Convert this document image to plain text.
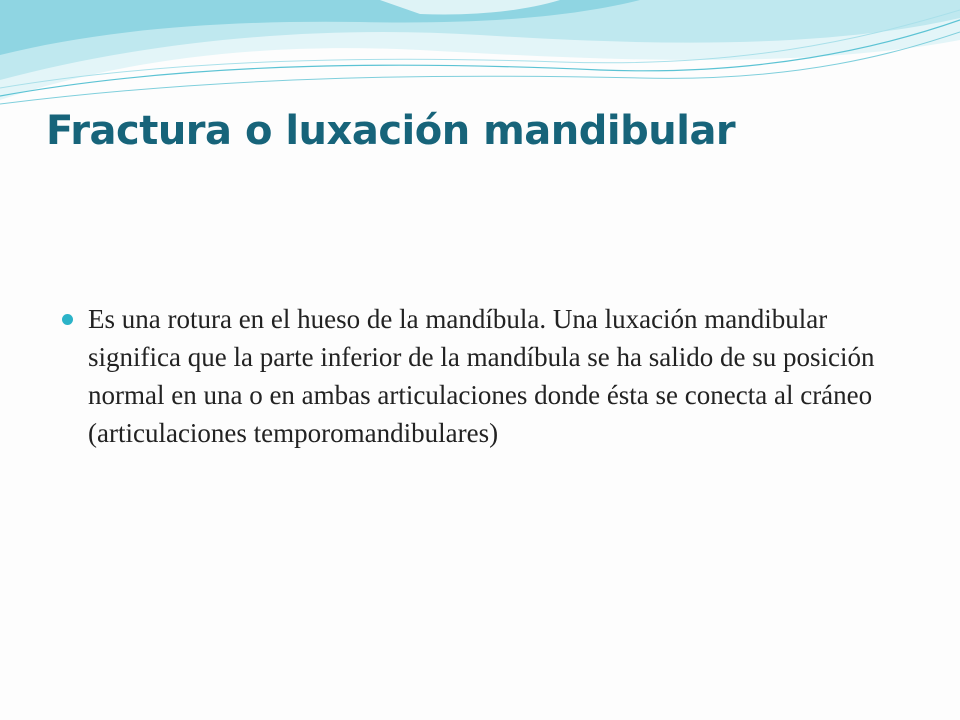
Fractura o luxación mandibular
Es una rotura en el hueso de la mandíbula. Una luxación mandibular significa que la parte inferior de la mandíbula se ha salido de su posición normal en una o en ambas articulaciones donde ésta se conecta al cráneo (articulaciones temporomandibulares)
